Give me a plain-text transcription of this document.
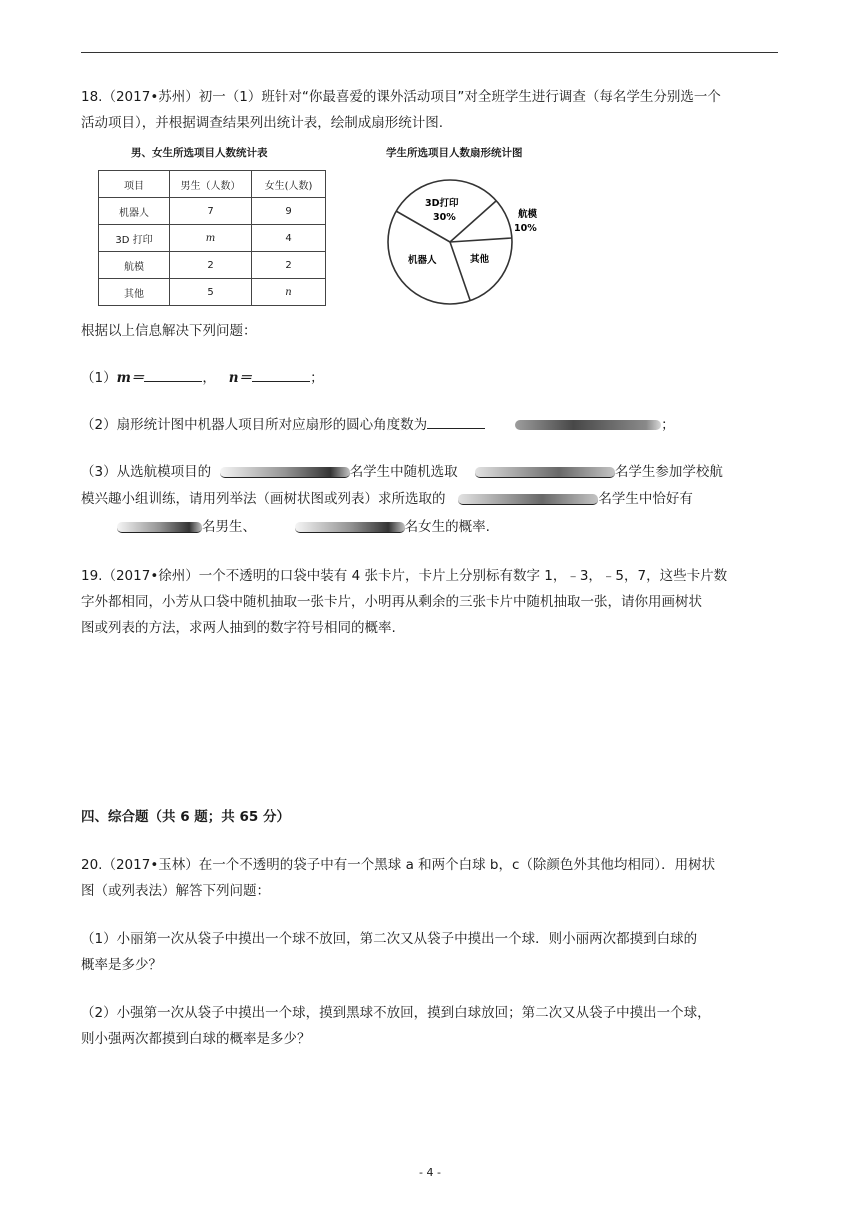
18.（2017•苏州）初一（1）班针对“你最喜爱的课外活动项目”对全班学生进行调查（每名学生分别选一个
活动项目），并根据调查结果列出统计表，绘制成扇形统计图.
男、女生所选项目人数统计表
项目	男生（人数）	女生(人数)
机器人	7	9
3D 打印	m	4
航模	2	2
其他	5	n
学生所选项目人数扇形统计图
3D打印
30%	航模
10%
机器人	其他
根据以上信息解决下列问题：
（1）m＝	， n＝	；
（2）扇形统计图中机器人项目所对应扇形的圆心角度数为	；
（3）从选航模项目的	名学生中随机选取	名学生参加学校航
模兴趣小组训练，请用列举法（画树状图或列表）求所选取的	名学生中恰好有
名男生、	名女生的概率.
19.（2017•徐州）一个不透明的口袋中装有 4 张卡片，卡片上分别标有数字 1，﹣3，﹣5，7，这些卡片数
字外都相同，小芳从口袋中随机抽取一张卡片，小明再从剩余的三张卡片中随机抽取一张，请你用画树状
图或列表的方法，求两人抽到的数字符号相同的概率.
四、综合题（共 6 题；共 65 分）
20.（2017•玉林）在一个不透明的袋子中有一个黑球 a 和两个白球 b，c（除颜色外其他均相同）．用树状
图（或列表法）解答下列问题：
（1）小丽第一次从袋子中摸出一个球不放回，第二次又从袋子中摸出一个球．则小丽两次都摸到白球的
概率是多少？
（2）小强第一次从袋子中摸出一个球，摸到黑球不放回，摸到白球放回；第二次又从袋子中摸出一个球，
则小强两次都摸到白球的概率是多少？
- 4 -
